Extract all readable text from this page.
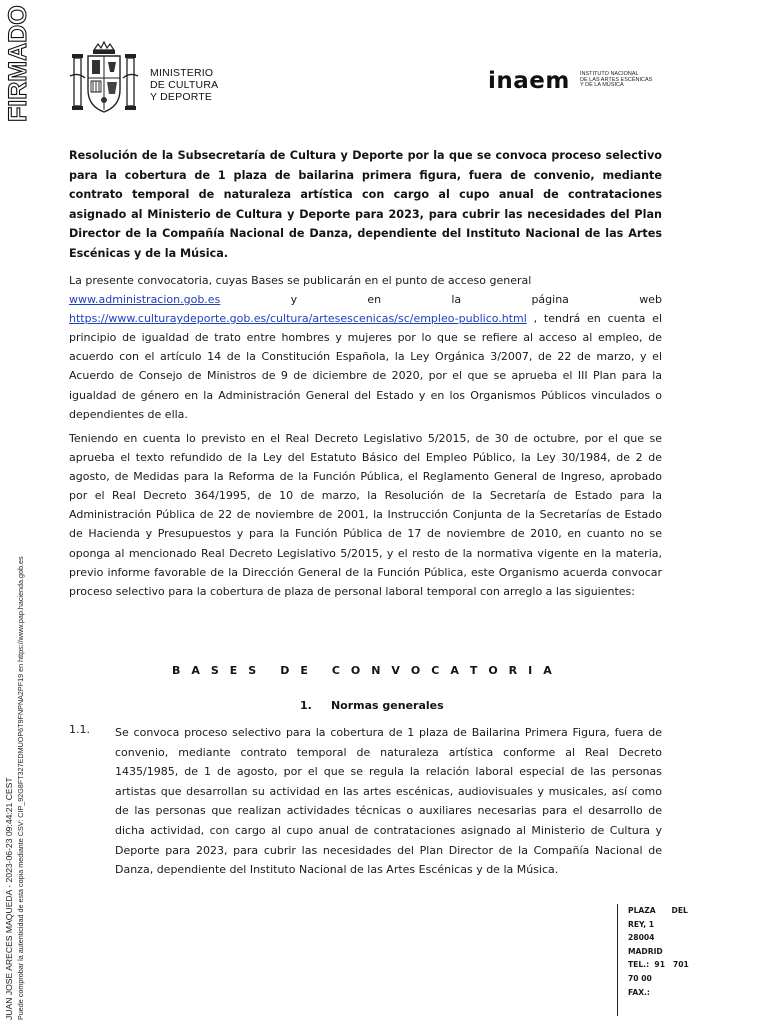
FIRMADO
JUAN JOSE ARECES MAQUEDA - 2023-06-23 09:44:21 CEST Puede comprobar la autenticidad de esta copia mediante CSV: CIP_92G8FT327EDMUOP6T9FNPNA2PF19 en https://www.pap.hacienda.gob.es
MINISTERIO
DE CULTURA
Y DEPORTE
inaem INSTITUTO NACIONAL
DE LAS ARTES ESCÉNICAS
Y DE LA MÚSICA
Resolución de la Subsecretaría de Cultura y Deporte por la que se convoca proceso selectivo para la cobertura de 1 plaza de bailarina primera figura, fuera de convenio, mediante contrato temporal de naturaleza artística con cargo al cupo anual de contrataciones asignado al Ministerio de Cultura y Deporte para 2023, para cubrir las necesidades del Plan Director de la Compañía Nacional de Danza, dependiente del Instituto Nacional de las Artes Escénicas y de la Música.
La presente convocatoria, cuyas Bases se publicarán en el punto de acceso general
www.administracion.gob.es	y	en	la	página	web
https://www.culturaydeporte.gob.es/cultura/artesescenicas/sc/empleo-publico.html , tendrá en cuenta el principio de igualdad de trato entre hombres y mujeres por lo que se refiere al acceso al empleo, de acuerdo con el artículo 14 de la Constitución Española, la Ley Orgánica 3/2007, de 22 de marzo, y el Acuerdo de Consejo de Ministros de 9 de diciembre de 2020, por el que se aprueba el III Plan para la igualdad de género en la Administración General del Estado y en los Organismos Públicos vinculados o dependientes de ella.
Teniendo en cuenta lo previsto en el Real Decreto Legislativo 5/2015, de 30 de octubre, por el que se aprueba el texto refundido de la Ley del Estatuto Básico del Empleo Público, la Ley 30/1984, de 2 de agosto, de Medidas para la Reforma de la Función Pública, el Reglamento General de Ingreso, aprobado por el Real Decreto 364/1995, de 10 de marzo, la Resolución de la Secretaría de Estado para la Administración Pública de 22 de noviembre de 2001, la Instrucción Conjunta de la Secretarías de Estado de Hacienda y Presupuestos y para la Función Pública de 17 de noviembre de 2010, en cuanto no se oponga al mencionado Real Decreto Legislativo 5/2015, y el resto de la normativa vigente en la materia, previo informe favorable de la Dirección General de la Función Pública, este Organismo acuerda convocar proceso selectivo para la cobertura de plaza de personal laboral temporal con arreglo a las siguientes:
B A S E S D E C O N V O C A T O R I A
1.     Normas generales
1.1. Se convoca proceso selectivo para la cobertura de 1 plaza de Bailarina Primera Figura, fuera de convenio, mediante contrato temporal de naturaleza artística conforme al Real Decreto 1435/1985, de 1 de agosto, por el que se regula la relación laboral especial de las personas artistas que desarrollan su actividad en las artes escénicas, audiovisuales y musicales, así como de las personas que realizan actividades técnicas o auxiliares necesarias para el desarrollo de dicha actividad, con cargo al cupo anual de contrataciones asignado al Ministerio de Cultura y Deporte para 2023, para cubrir las necesidades del Plan Director de la Compañía Nacional de Danza, dependiente del Instituto Nacional de las Artes Escénicas y de la Música.
PLAZA      DEL
REY, 1
28004
MADRID
TEL.:  91   701
70 00
FAX.:
